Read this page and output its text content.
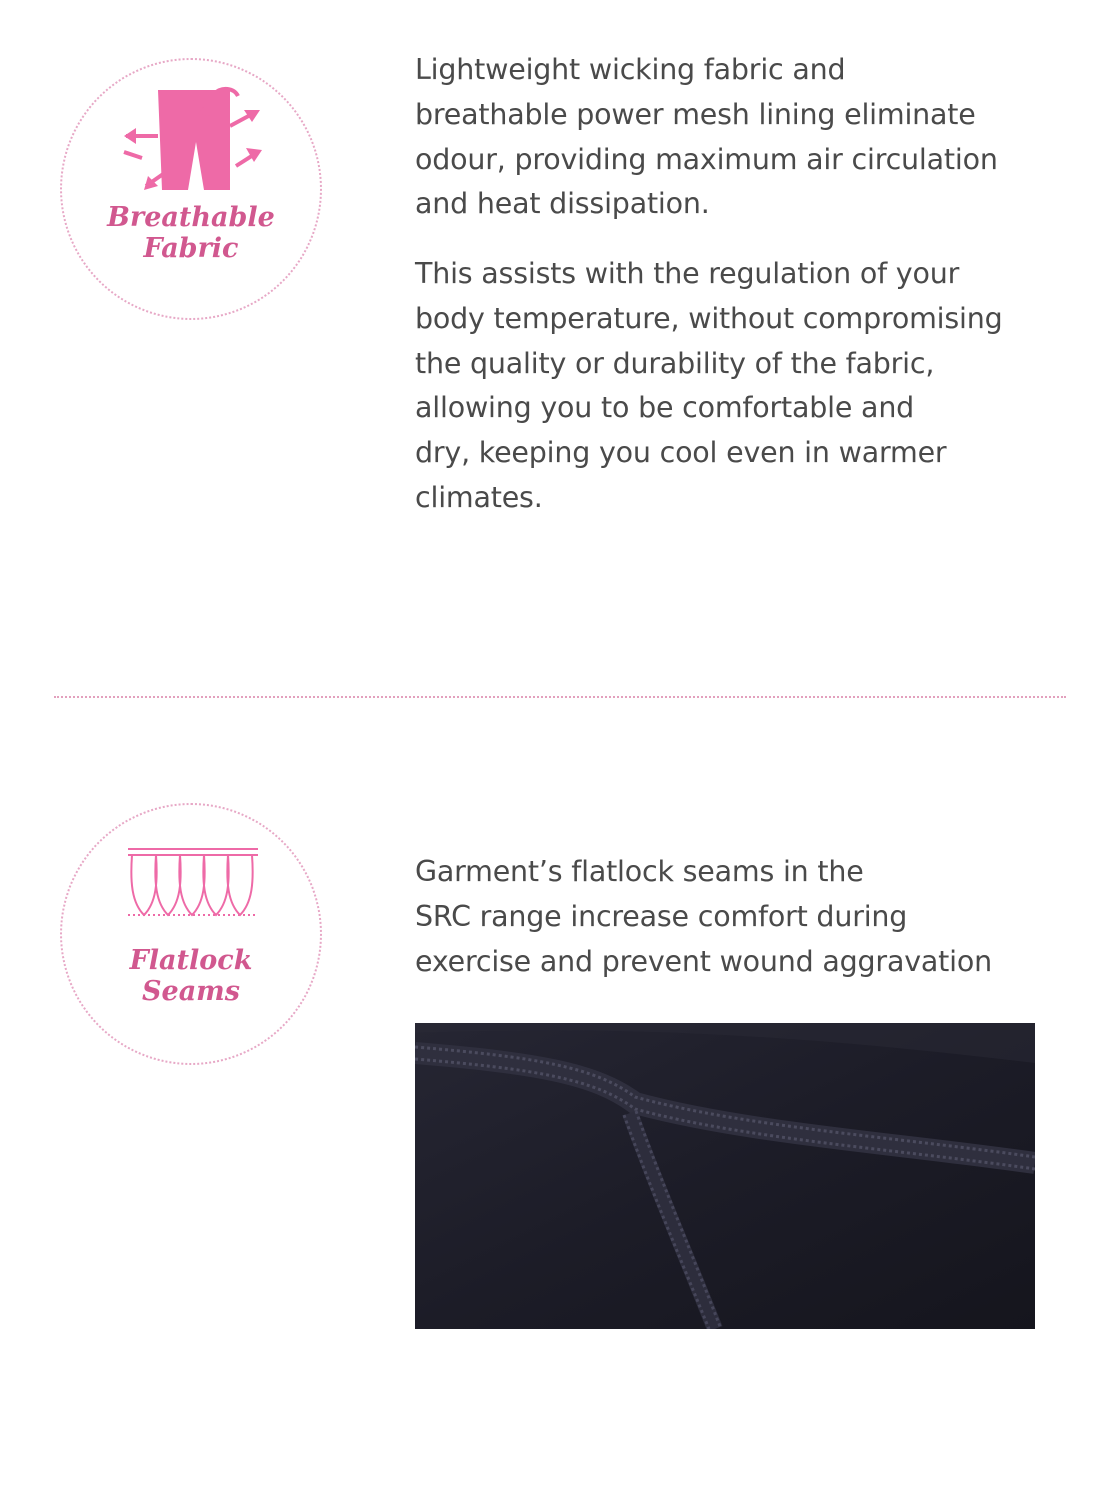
Breathable
Fabric

Lightweight wicking fabric and
breathable power mesh lining eliminate
odour, providing maximum air circulation
and heat dissipation.

This assists with the regulation of your
body temperature, without compromising
the quality or durability of the fabric,
allowing you to be comfortable and
dry, keeping you cool even in warmer
climates.

Flatlock
Seams

Garment’s flatlock seams in the
SRC range increase comfort during
exercise and prevent wound aggravation
